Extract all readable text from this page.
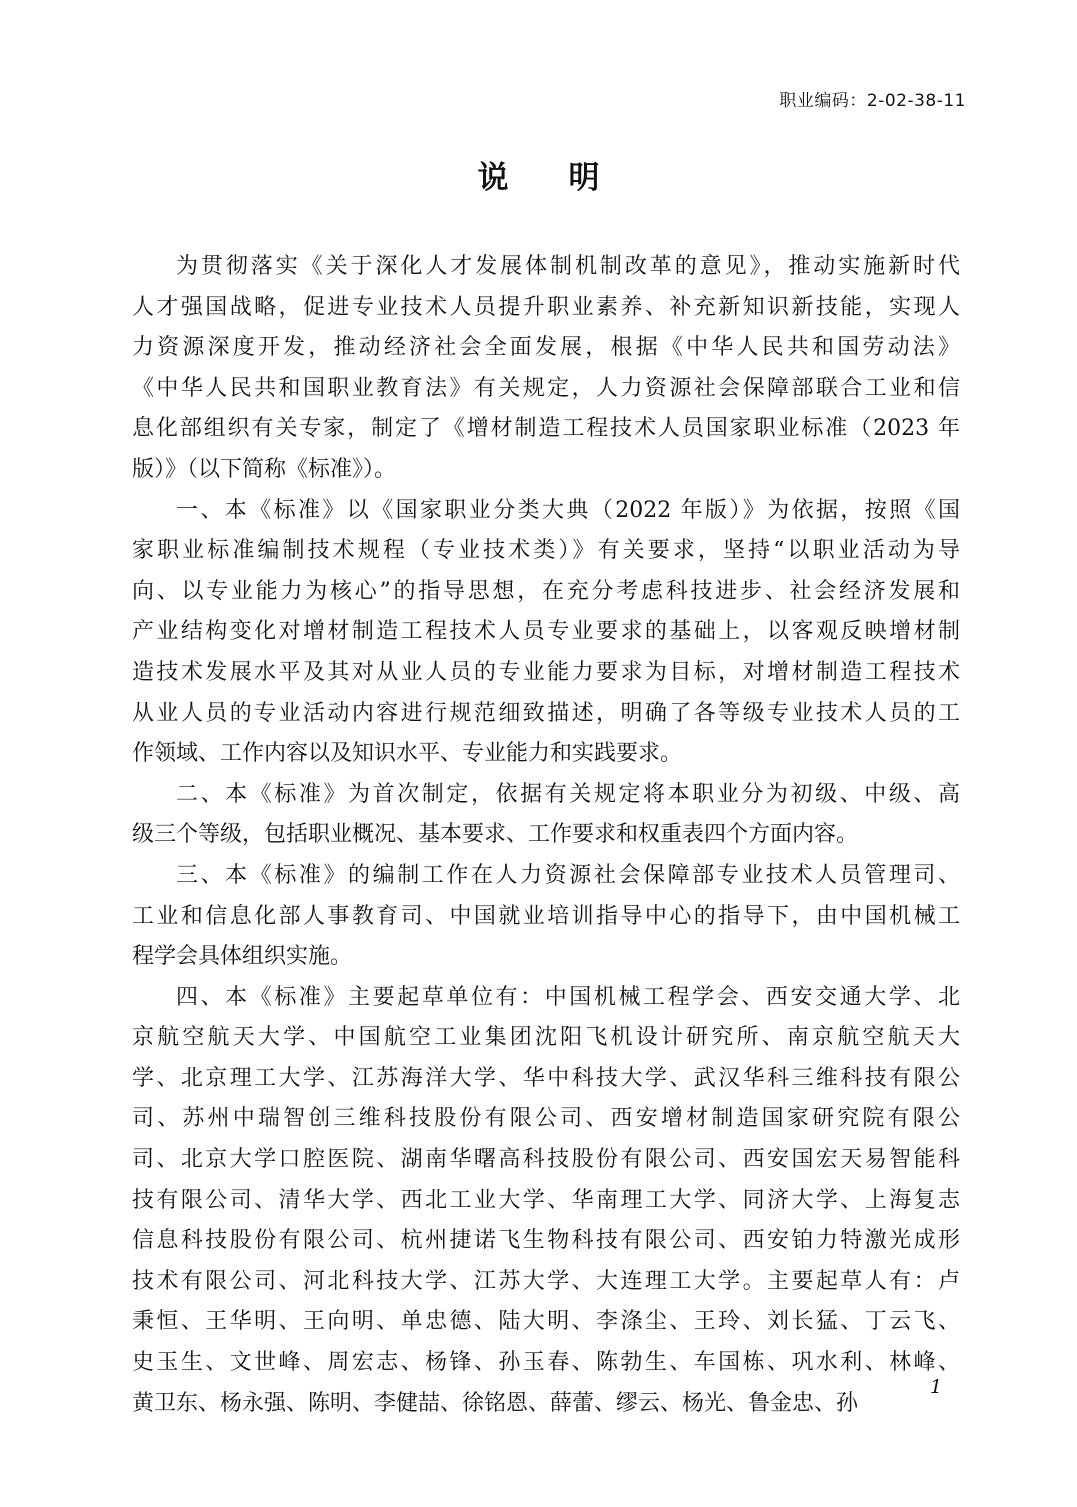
职业编码：2-02-38-11
说明
为贯彻落实《关于深化人才发展体制机制改革的意见》，推动实施新时代
人才强国战略，促进专业技术人员提升职业素养、补充新知识新技能，实现人
力资源深度开发，推动经济社会全面发展，根据《中华人民共和国劳动法》
《中华人民共和国职业教育法》有关规定，人力资源社会保障部联合工业和信
息化部组织有关专家，制定了《增材制造工程技术人员国家职业标准（2023 年
版）》（以下简称《标准》）。
一、本《标准》以《国家职业分类大典（2022 年版）》为依据，按照《国
家职业标准编制技术规程（专业技术类）》有关要求，坚持“以职业活动为导
向、以专业能力为核心”的指导思想，在充分考虑科技进步、社会经济发展和
产业结构变化对增材制造工程技术人员专业要求的基础上，以客观反映增材制
造技术发展水平及其对从业人员的专业能力要求为目标，对增材制造工程技术
从业人员的专业活动内容进行规范细致描述，明确了各等级专业技术人员的工
作领域、工作内容以及知识水平、专业能力和实践要求。
二、本《标准》为首次制定，依据有关规定将本职业分为初级、中级、高
级三个等级，包括职业概况、基本要求、工作要求和权重表四个方面内容。
三、本《标准》的编制工作在人力资源社会保障部专业技术人员管理司、
工业和信息化部人事教育司、中国就业培训指导中心的指导下，由中国机械工
程学会具体组织实施。
四、本《标准》主要起草单位有：中国机械工程学会、西安交通大学、北
京航空航天大学、中国航空工业集团沈阳飞机设计研究所、南京航空航天大
学、北京理工大学、江苏海洋大学、华中科技大学、武汉华科三维科技有限公
司、苏州中瑞智创三维科技股份有限公司、西安增材制造国家研究院有限公
司、北京大学口腔医院、湖南华曙高科技股份有限公司、西安国宏天易智能科
技有限公司、清华大学、西北工业大学、华南理工大学、同济大学、上海复志
信息科技股份有限公司、杭州捷诺飞生物科技有限公司、西安铂力特激光成形
技术有限公司、河北科技大学、江苏大学、大连理工大学。主要起草人有：卢
秉恒、王华明、王向明、单忠德、陆大明、李涤尘、王玲、刘长猛、丁云飞、
史玉生、文世峰、周宏志、杨锋、孙玉春、陈勃生、车国栋、巩水利、林峰、
黄卫东、杨永强、陈明、李健喆、徐铭恩、薛蕾、缪云、杨光、鲁金忠、孙
1
